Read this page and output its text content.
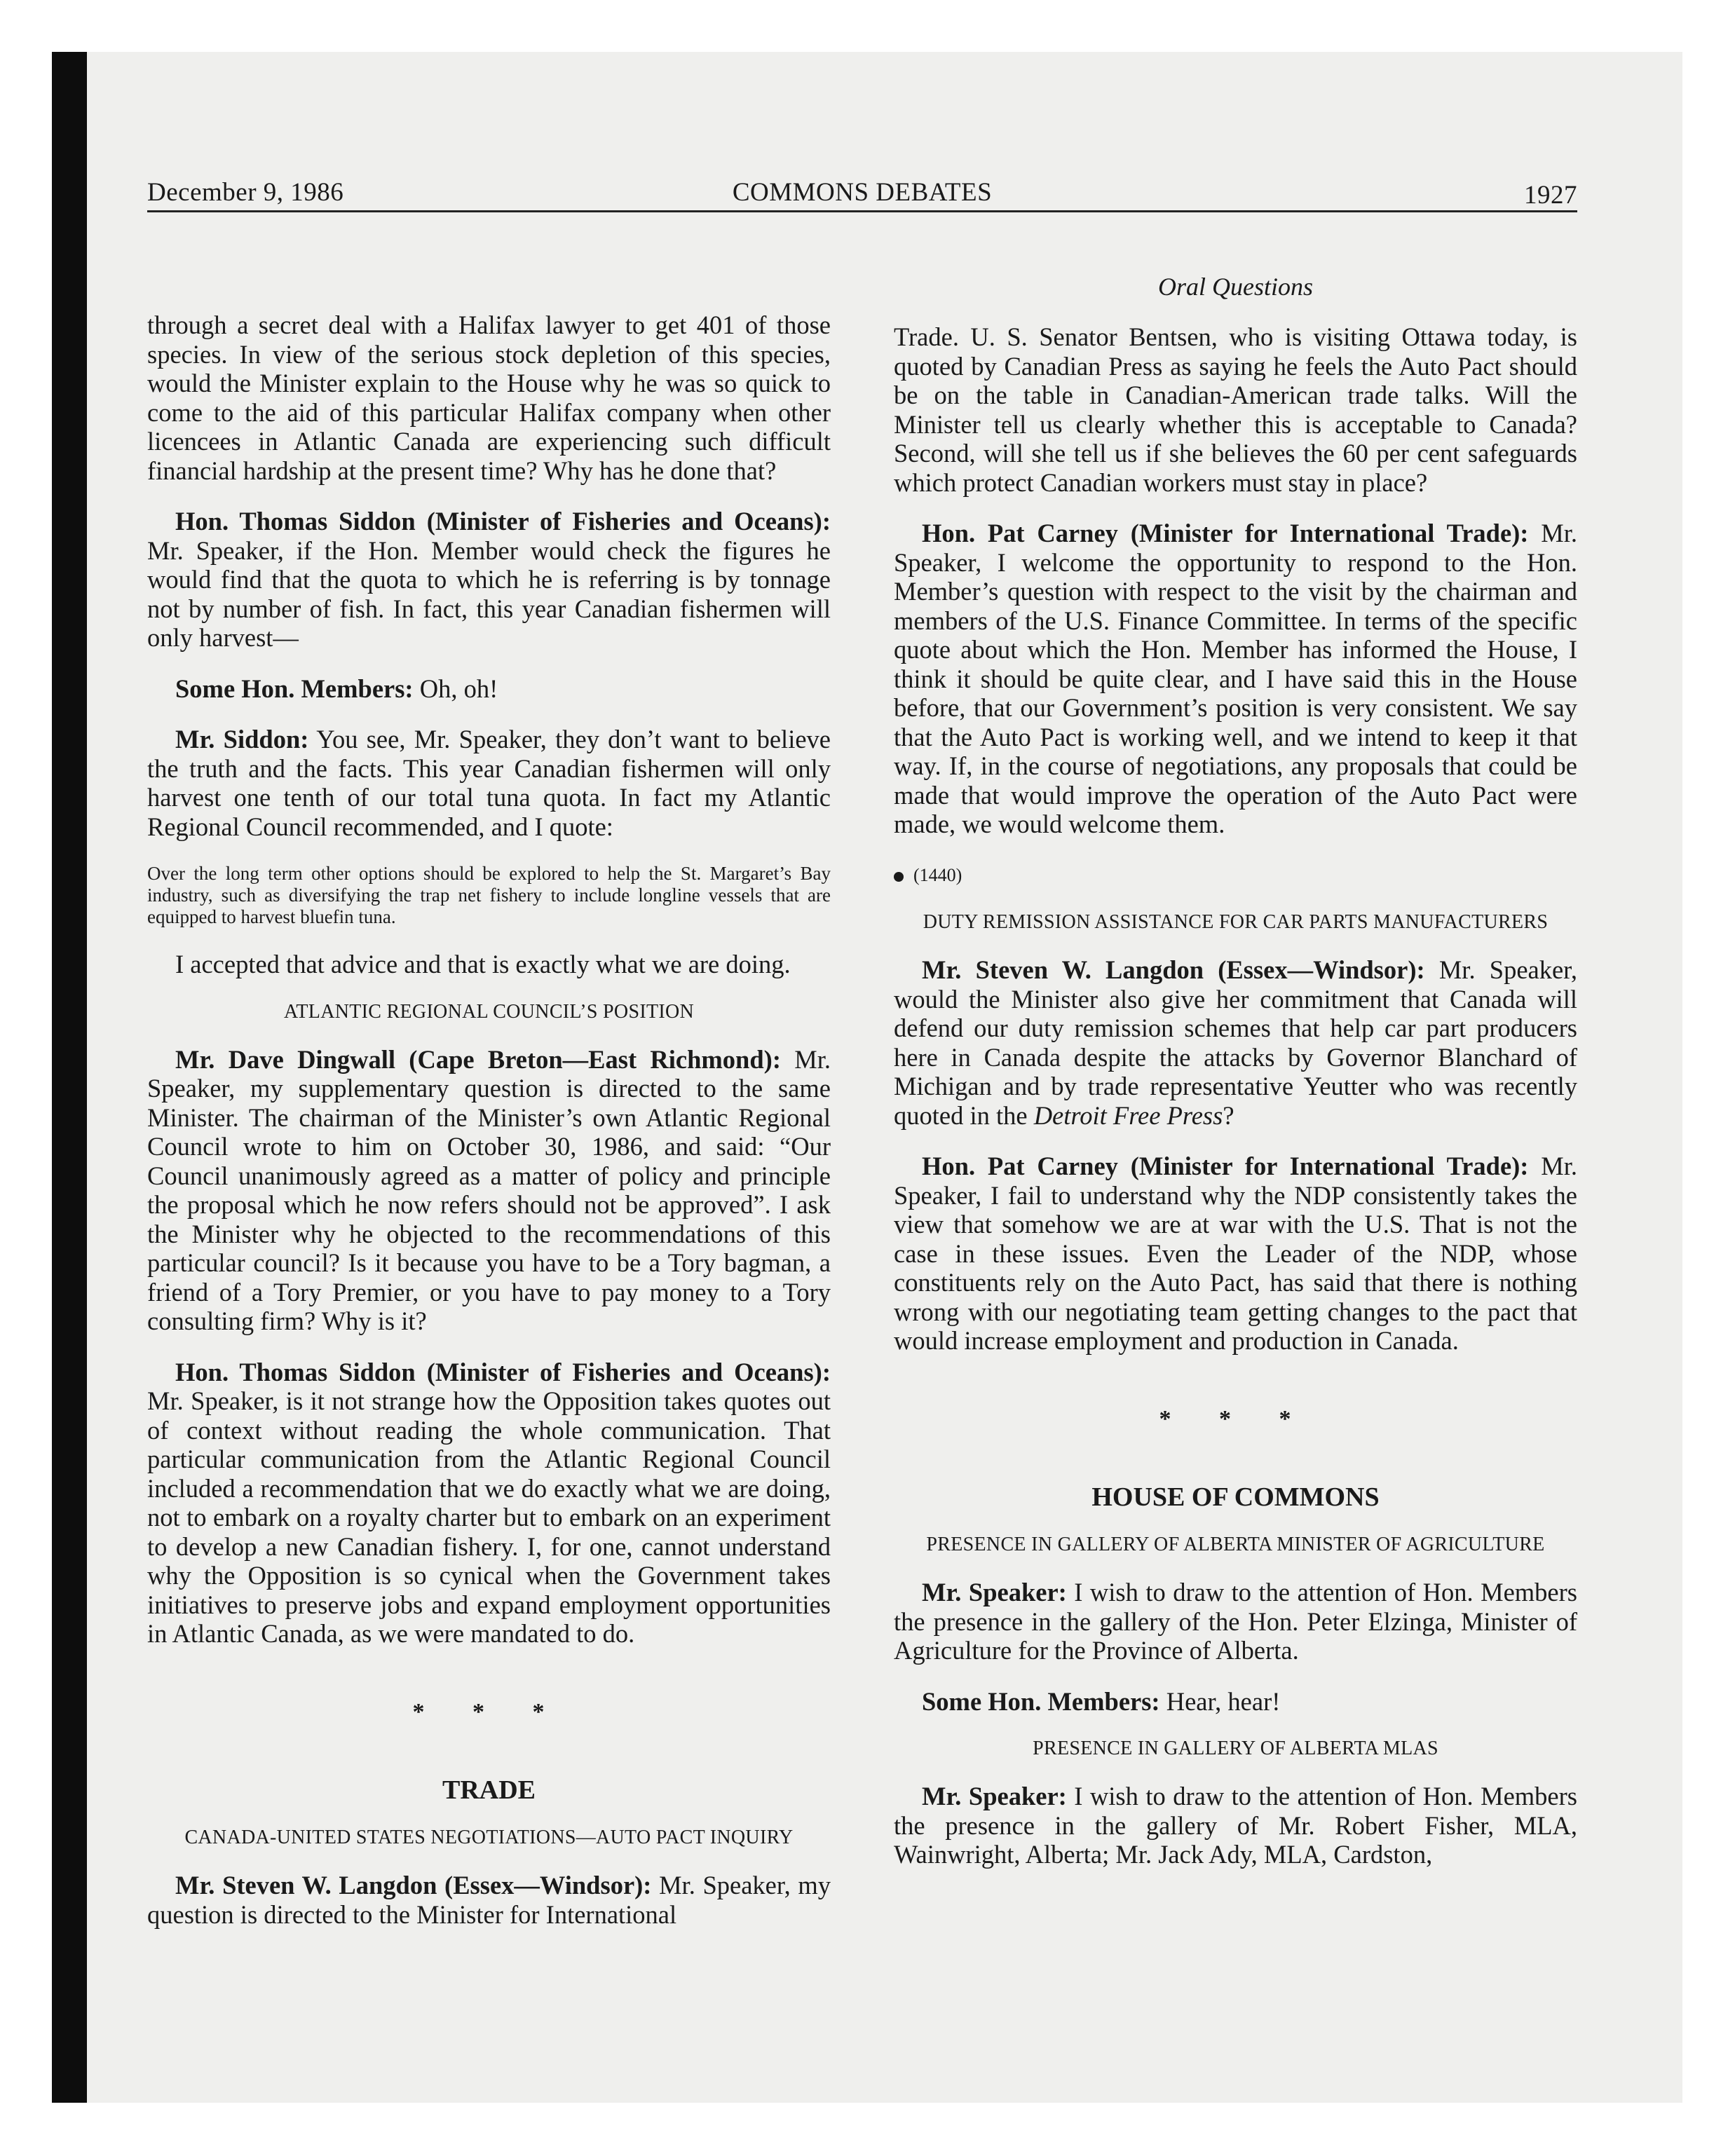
December 9, 1986	COMMONS DEBATES	1927

through a secret deal with a Halifax lawyer to get 401 of those species. In view of the serious stock depletion of this species, would the Minister explain to the House why he was so quick to come to the aid of this particular Halifax company when other licencees in Atlantic Canada are experiencing such difficult financial hardship at the present time? Why has he done that?

Hon. Thomas Siddon (Minister of Fisheries and Oceans): Mr. Speaker, if the Hon. Member would check the figures he would find that the quota to which he is referring is by tonnage not by number of fish. In fact, this year Canadian fishermen will only harvest—

Some Hon. Members: Oh, oh!

Mr. Siddon: You see, Mr. Speaker, they don’t want to believe the truth and the facts. This year Canadian fishermen will only harvest one tenth of our total tuna quota. In fact my Atlantic Regional Council recommended, and I quote:

Over the long term other options should be explored to help the St. Margaret’s Bay industry, such as diversifying the trap net fishery to include longline vessels that are equipped to harvest bluefin tuna.

I accepted that advice and that is exactly what we are doing.

ATLANTIC REGIONAL COUNCIL’S POSITION

Mr. Dave Dingwall (Cape Breton—East Richmond): Mr. Speaker, my supplementary question is directed to the same Minister. The chairman of the Minister’s own Atlantic Regional Council wrote to him on October 30, 1986, and said: “Our Council unanimously agreed as a matter of policy and principle the proposal which he now refers should not be approved”. I ask the Minister why he objected to the recommendations of this particular council? Is it because you have to be a Tory bagman, a friend of a Tory Premier, or you have to pay money to a Tory consulting firm? Why is it?

Hon. Thomas Siddon (Minister of Fisheries and Oceans): Mr. Speaker, is it not strange how the Opposition takes quotes out of context without reading the whole communication. That particular communication from the Atlantic Regional Council included a recommendation that we do exactly what we are doing, not to embark on a royalty charter but to embark on an experiment to develop a new Canadian fishery. I, for one, cannot understand why the Opposition is so cynical when the Government takes initiatives to preserve jobs and expand employment opportunities in Atlantic Canada, as we were mandated to do.

* * *

TRADE

CANADA-UNITED STATES NEGOTIATIONS—AUTO PACT INQUIRY

Mr. Steven W. Langdon (Essex—Windsor): Mr. Speaker, my question is directed to the Minister for International

Oral Questions

Trade. U. S. Senator Bentsen, who is visiting Ottawa today, is quoted by Canadian Press as saying he feels the Auto Pact should be on the table in Canadian-American trade talks. Will the Minister tell us clearly whether this is acceptable to Canada? Second, will she tell us if she believes the 60 per cent safeguards which protect Canadian workers must stay in place?

Hon. Pat Carney (Minister for International Trade): Mr. Speaker, I welcome the opportunity to respond to the Hon. Member’s question with respect to the visit by the chairman and members of the U.S. Finance Committee. In terms of the specific quote about which the Hon. Member has informed the House, I think it should be quite clear, and I have said this in the House before, that our Government’s position is very consistent. We say that the Auto Pact is working well, and we intend to keep it that way. If, in the course of negotiations, any proposals that could be made that would improve the operation of the Auto Pact were made, we would welcome them.

(1440)

DUTY REMISSION ASSISTANCE FOR CAR PARTS MANUFACTURERS

Mr. Steven W. Langdon (Essex—Windsor): Mr. Speaker, would the Minister also give her commitment that Canada will defend our duty remission schemes that help car part producers here in Canada despite the attacks by Governor Blanchard of Michigan and by trade representative Yeutter who was recently quoted in the Detroit Free Press?

Hon. Pat Carney (Minister for International Trade): Mr. Speaker, I fail to understand why the NDP consistently takes the view that somehow we are at war with the U.S. That is not the case in these issues. Even the Leader of the NDP, whose constituents rely on the Auto Pact, has said that there is nothing wrong with our negotiating team getting changes to the pact that would increase employment and production in Canada.

* * *

HOUSE OF COMMONS

PRESENCE IN GALLERY OF ALBERTA MINISTER OF AGRICULTURE

Mr. Speaker: I wish to draw to the attention of Hon. Members the presence in the gallery of the Hon. Peter Elzinga, Minister of Agriculture for the Province of Alberta.

Some Hon. Members: Hear, hear!

PRESENCE IN GALLERY OF ALBERTA MLAS

Mr. Speaker: I wish to draw to the attention of Hon. Members the presence in the gallery of Mr. Robert Fisher, MLA, Wainwright, Alberta; Mr. Jack Ady, MLA, Cardston,
